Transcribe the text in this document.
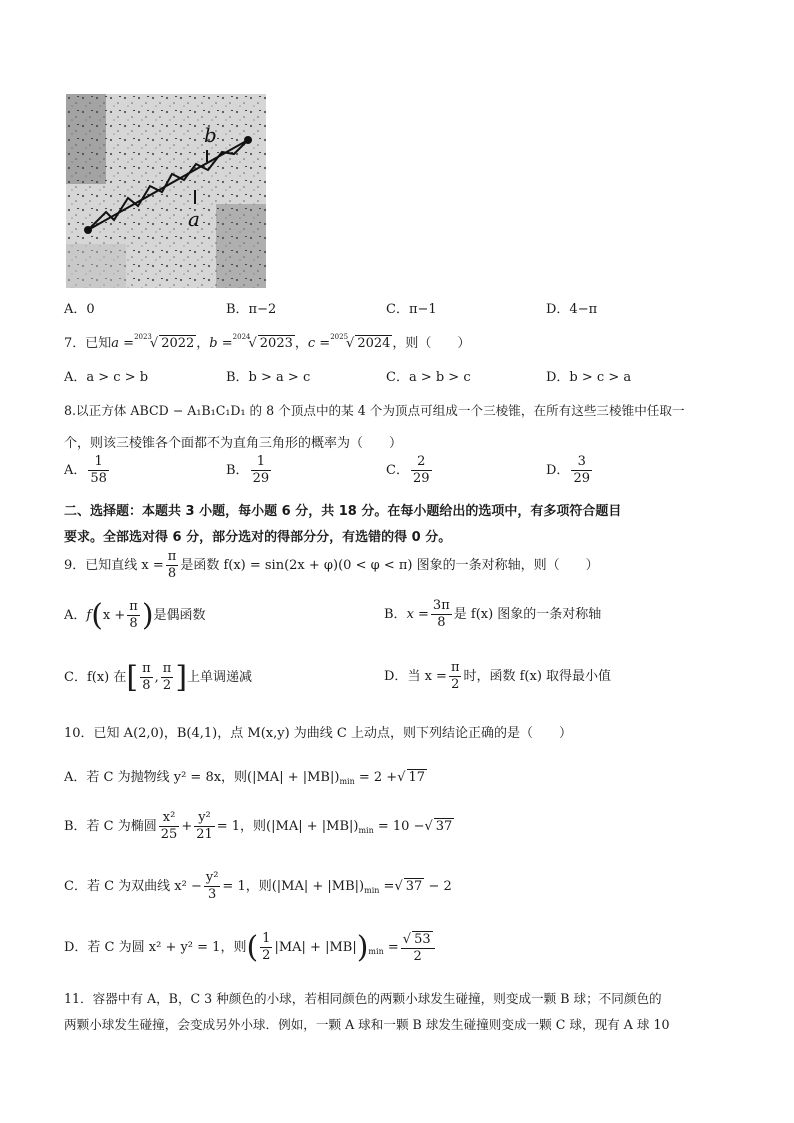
b
a
A．0	B．π−2	C．π−1	D．4−π
7．已知a =$^{2023}$√ 2022 ，b =$^{2024}$√ 2023 ，c =$^{2025}$√ 2024 ，则（　　）
A．a > c > b	B．b > a > c	C．a > b > c	D．b > c > a
8.以正方体 ABCD − A₁B₁C₁D₁ 的 8 个顶点中的某 4 个为顶点可组成一个三棱锥，在所有这些三棱锥中任取一
个，则该三棱锥各个面都不为直角三角形的概率为（　　）
A． $\frac{1}{58}$	B． $\frac{1}{29}$	C． $\frac{2}{29}$	D． $\frac{3}{29}$
二、选择题：本题共 3 小题，每小题 6 分，共 18 分。在每小题给出的选项中，有多项符合题目
要求。全部选对得 6 分，部分选对的得部分分，有选错的得 0 分。
9．已知直线 $x = \frac{\pi}{8}$ 是函数 f(x) = sin(2x + φ)(0 < φ < π) 图象的一条对称轴，则（　　）
A．$f(x + \frac{\pi}{8}$ )是偶函数	B．$x = \frac{3\pi}{8}$ 是 f(x) 图象的一条对称轴
C．f(x) 在[ $\frac{\pi}{8}$ , $\frac{\pi}{2}$ ]上单调递减	D．当 $x = \frac{\pi}{2}$ 时，函数 f(x) 取得最小值
10．已知 A(2,0)，B(4,1)，点 M(x,y) 为曲线 C 上动点，则下列结论正确的是（　　）
A．若 C 为抛物线 y² = 8x，则$(|MA| + |MB|)_{min} = 2$ +√ 17
B．若 C 为椭圆 $\frac{\text{x²}}{25} + \frac{\text{y²}}{21} = 1$，则$(|MA| + |MB|)_{min} = 10$ −√ 37
C．若 C 为双曲线 $x^2 - \frac{\text{y²}}{3} = 1$，则$(|MA| + |MB|)_{min}$ =√ 37 − 2
D．若 C 为圆 x² + y² = 1，则( $\frac{1}{2} |MA| + |MB|)_{min} = \frac{√ 53}{2}$
11．容器中有 A，B，C 3 种颜色的小球，若相同颜色的两颗小球发生碰撞，则变成一颗 B 球；不同颜色的
两颗小球发生碰撞，会变成另外小球．例如，一颗 A 球和一颗 B 球发生碰撞则变成一颗 C 球，现有 A 球 10
